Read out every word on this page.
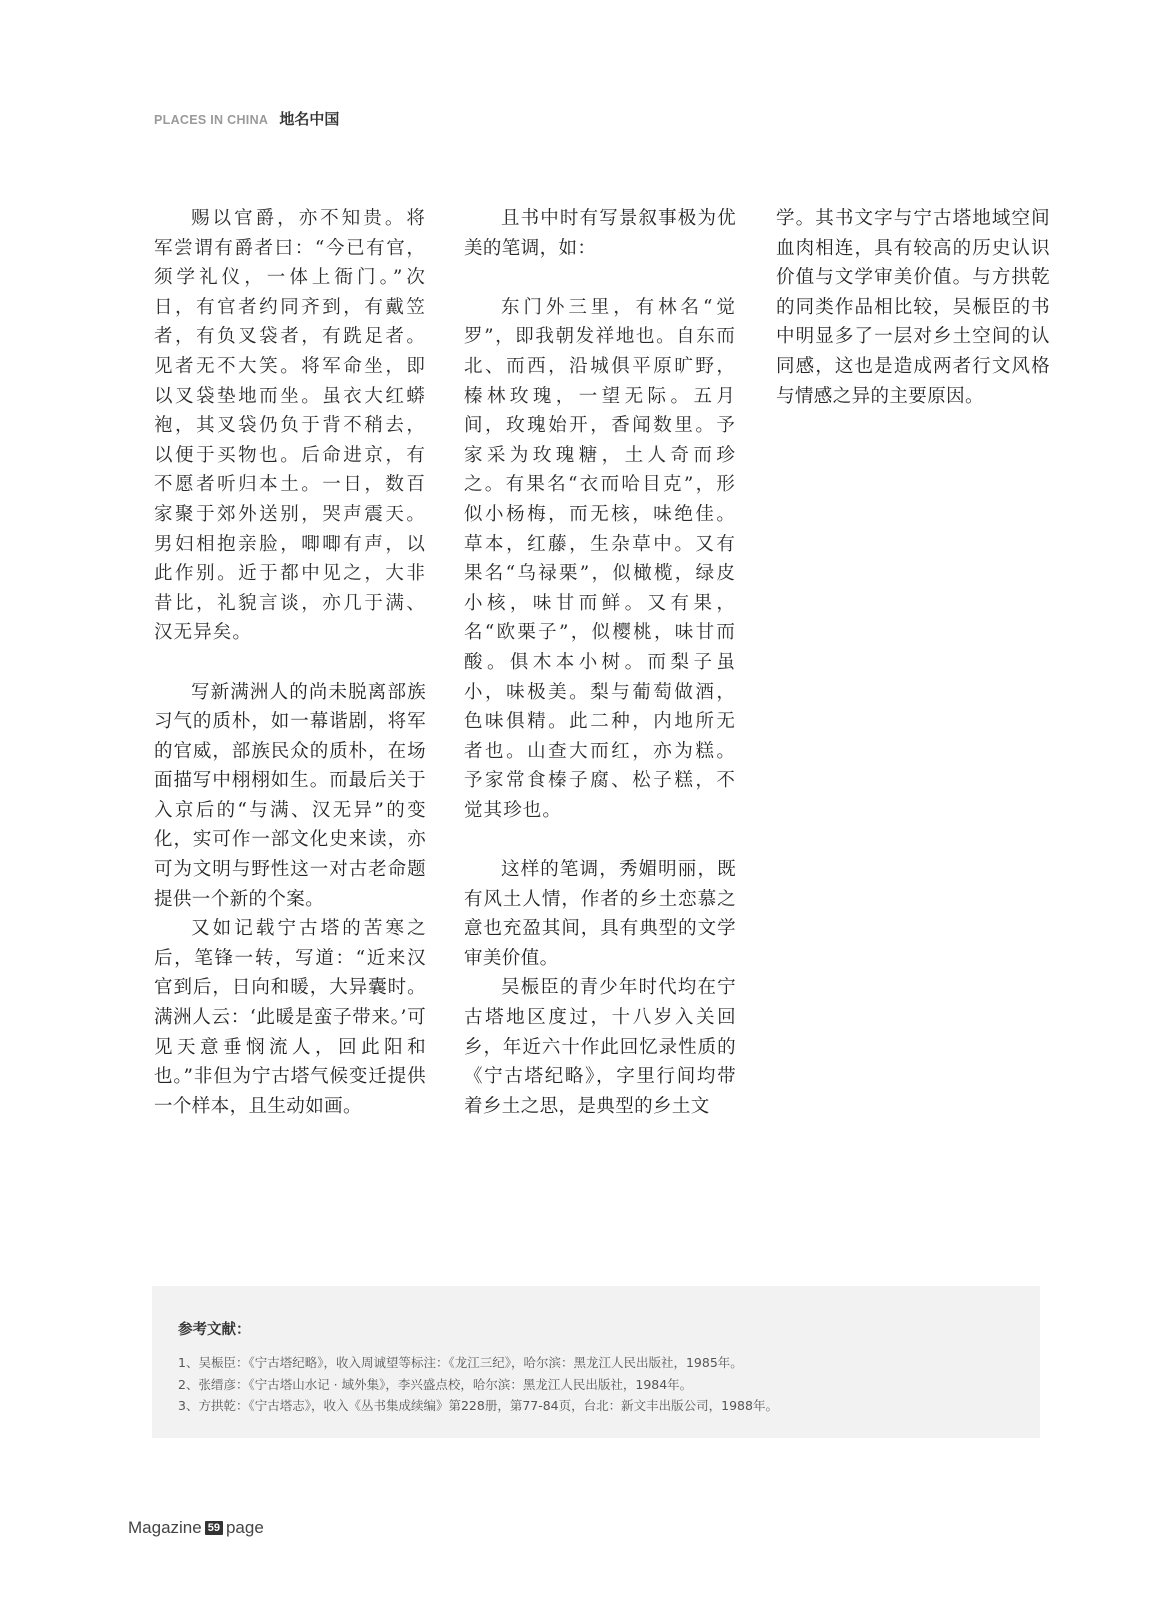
PLACES IN CHINA 地名中国

赐以官爵，亦不知贵。将军尝谓有爵者曰：“今已有官，须学礼仪，一体上衙门。”次日，有官者约同齐到，有戴笠者，有负叉袋者，有跣足者。见者无不大笑。将军命坐，即以叉袋垫地而坐。虽衣大红蟒袍，其叉袋仍负于背不稍去，以便于买物也。后命进京，有不愿者听归本土。一日，数百家聚于郊外送别，哭声震天。男妇相抱亲脸，唧唧有声，以此作别。近于都中见之，大非昔比，礼貌言谈，亦几于满、汉无异矣。

写新满洲人的尚未脱离部族习气的质朴，如一幕谐剧，将军的官威，部族民众的质朴，在场面描写中栩栩如生。而最后关于入京后的“与满、汉无异”的变化，实可作一部文化史来读，亦可为文明与野性这一对古老命题提供一个新的个案。

又如记载宁古塔的苦寒之后，笔锋一转，写道：“近来汉官到后，日向和暖，大异囊时。满洲人云：‘此暖是蛮子带来。’可见天意垂悯流人，回此阳和也。”非但为宁古塔气候变迁提供一个样本，且生动如画。

且书中时有写景叙事极为优美的笔调，如：

东门外三里，有林名“觉罗”，即我朝发祥地也。自东而北、而西，沿城俱平原旷野，榛林玫瑰，一望无际。五月间，玫瑰始开，香闻数里。予家采为玫瑰糖，土人奇而珍之。有果名“衣而哈目克”，形似小杨梅，而无核，味绝佳。草本，红藤，生杂草中。又有果名“乌禄栗”，似橄榄，绿皮小核，味甘而鲜。又有果，名“欧栗子”，似樱桃，味甘而酸。俱木本小树。而梨子虽小，味极美。梨与葡萄做酒，色味俱精。此二种，内地所无者也。山查大而红，亦为糕。予家常食榛子腐、松子糕，不觉其珍也。

这样的笔调，秀媚明丽，既有风土人情，作者的乡土恋慕之意也充盈其间，具有典型的文学审美价值。

吴桭臣的青少年时代均在宁古塔地区度过，十八岁入关回乡，年近六十作此回忆录性质的《宁古塔纪略》，字里行间均带着乡土之思，是典型的乡土文

学。其书文字与宁古塔地域空间血肉相连，具有较高的历史认识价值与文学审美价值。与方拱乾的同类作品相比较，吴桭臣的书中明显多了一层对乡土空间的认同感，这也是造成两者行文风格与情感之异的主要原因。

参考文献：
1、吴桭臣：《宁古塔纪略》，收入周诚望等标注：《龙江三纪》，哈尔滨：黑龙江人民出版社，1985年。
2、张缙彦：《宁古塔山水记 · 域外集》，李兴盛点校，哈尔滨：黑龙江人民出版社，1984年。
3、方拱乾：《宁古塔志》，收入《丛书集成续编》第228册，第77-84页，台北：新文丰出版公司，1988年。
Magazine 59 page
